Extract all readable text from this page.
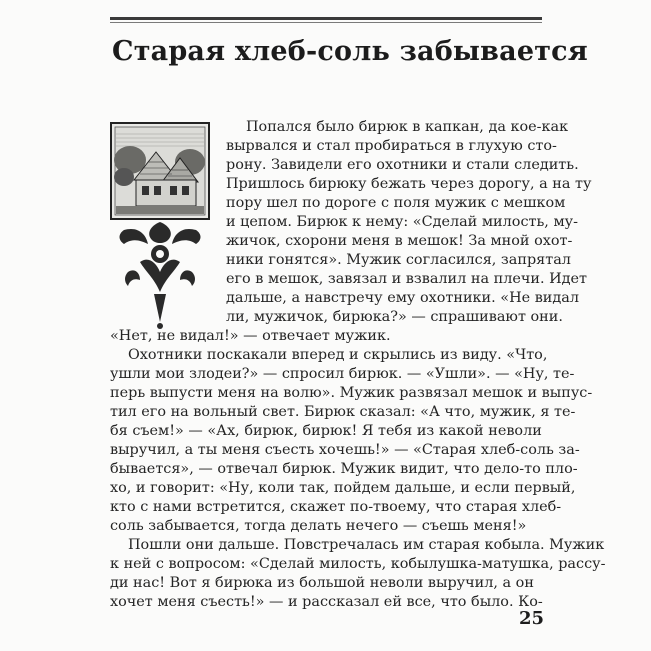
Старая хлеб-соль забывается
Попался было бирюк в капкан, да кое-как
вырвался и стал пробираться в глухую сто-
рону. Завидели его охотники и стали следить.
Пришлось бирюку бежать через дорогу, а на ту
пору шел по дороге с поля мужик с мешком
и цепом. Бирюк к нему: «Сделай милость, му-
жичок, схорони меня в мешок! За мной охот-
ники гонятся». Мужик согласился, запрятал
его в мешок, завязал и взвалил на плечи. Идет
дальше, а навстречу ему охотники. «Не видал
ли, мужичок, бирюка?» — спрашивают они.
«Нет, не видал!» — отвечает мужик.
Охотники поскакали вперед и скрылись из виду. «Что,
ушли мои злодеи?» — спросил бирюк. — «Ушли». — «Ну, те-
перь выпусти меня на волю». Мужик развязал мешок и выпус-
тил его на вольный свет. Бирюк сказал: «А что, мужик, я те-
бя съем!» — «Ах, бирюк, бирюк! Я тебя из какой неволи
выручил, а ты меня съесть хочешь!» — «Старая хлеб-соль за-
бывается», — отвечал бирюк. Мужик видит, что дело-то пло-
хо, и говорит: «Ну, коли так, пойдем дальше, и если первый,
кто с нами встретится, скажет по-твоему, что старая хлеб-
соль забывается, тогда делать нечего — съешь меня!»
Пошли они дальше. Повстречалась им старая кобыла. Мужик
к ней с вопросом: «Сделай милость, кобылушка-матушка, рассу-
ди нас! Вот я бирюка из большой неволи выручил, а он
хочет меня съесть!» — и рассказал ей все, что было. Ко-
25
